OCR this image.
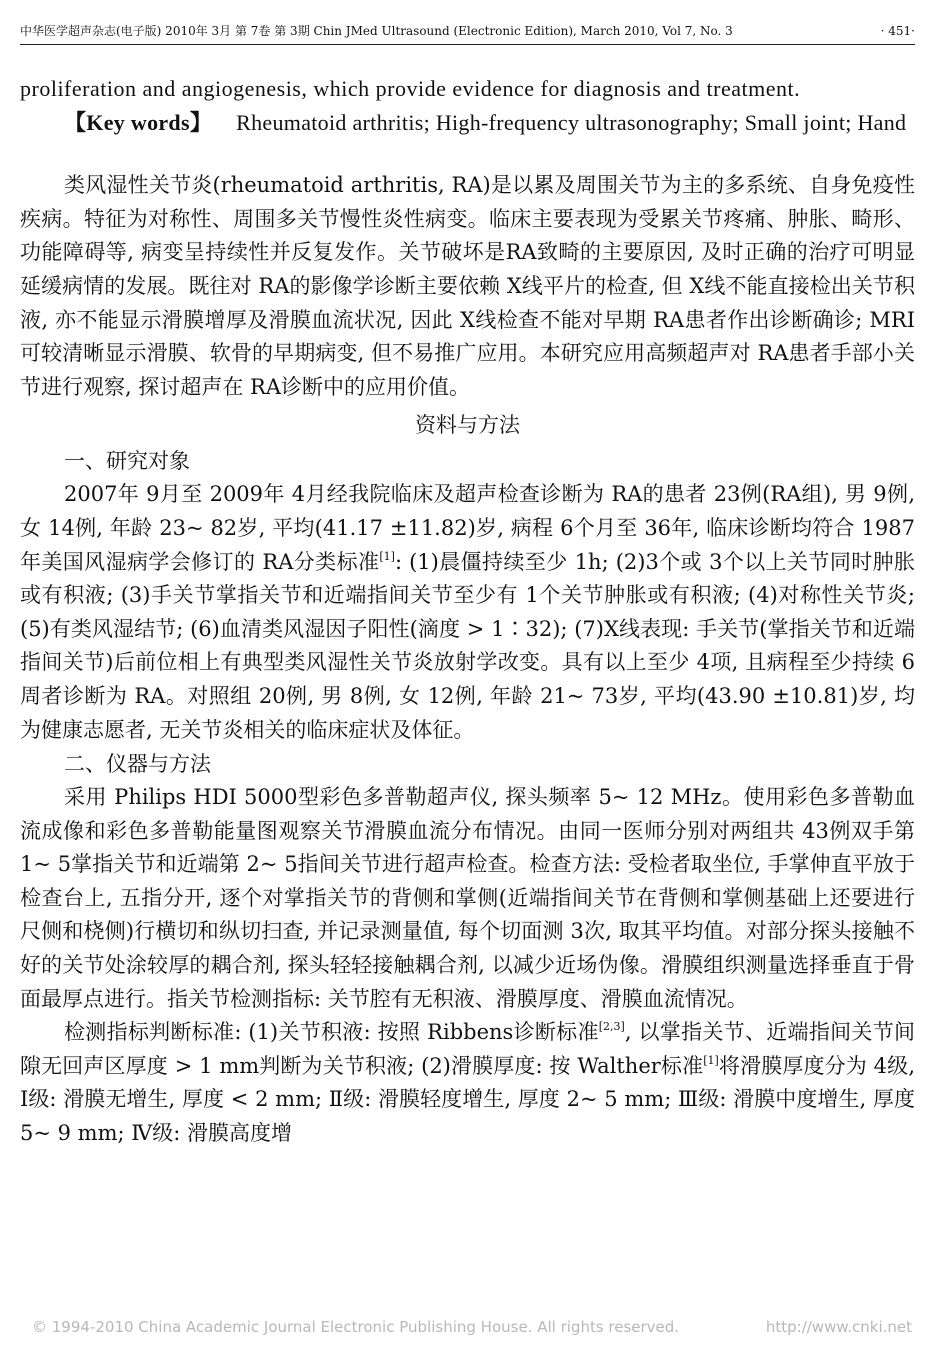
中华医学超声杂志(电子版) 2010年 3月 第 7卷 第 3期 Chin JMed Ultrasound (Electronic Edition), March 2010, Vol 7, No. 3	· 451·

proliferation and angiogenesis, which provide evidence for diagnosis and treatment.

【Key words】 Rheumatoid arthritis; High-frequency ultrasonography; Small joint; Hand

类风湿性关节炎(rheumatoid arthritis, RA)是以累及周围关节为主的多系统、自身免疫性疾病。特征为对称性、周围多关节慢性炎性病变。临床主要表现为受累关节疼痛、肿胀、畸形、功能障碍等, 病变呈持续性并反复发作。关节破坏是RA致畸的主要原因, 及时正确的治疗可明显延缓病情的发展。既往对 RA的影像学诊断主要依赖 X线平片的检查, 但 X线不能直接检出关节积液, 亦不能显示滑膜增厚及滑膜血流状况, 因此 X线检查不能对早期 RA患者作出诊断确诊; MRI可较清晰显示滑膜、软骨的早期病变, 但不易推广应用。本研究应用高频超声对 RA患者手部小关节进行观察, 探讨超声在 RA诊断中的应用价值。

资料与方法
一、研究对象

2007年 9月至 2009年 4月经我院临床及超声检查诊断为 RA的患者 23例(RA组), 男 9例, 女 14例, 年龄 23~ 82岁, 平均(41.17 ±11.82)岁, 病程 6个月至 36年, 临床诊断均符合 1987年美国风湿病学会修订的 RA分类标准[1]: (1)晨僵持续至少 1h; (2)3个或 3个以上关节同时肿胀或有积液; (3)手关节掌指关节和近端指间关节至少有 1个关节肿胀或有积液; (4)对称性关节炎; (5)有类风湿结节; (6)血清类风湿因子阳性(滴度 > 1∶32); (7)X线表现: 手关节(掌指关节和近端指间关节)后前位相上有典型类风湿性关节炎放射学改变。具有以上至少 4项, 且病程至少持续 6周者诊断为 RA。对照组 20例, 男 8例, 女 12例, 年龄 21~ 73岁, 平均(43.90 ±10.81)岁, 均为健康志愿者, 无关节炎相关的临床症状及体征。

二、仪器与方法

采用 Philips HDI 5000型彩色多普勒超声仪, 探头频率 5~ 12 MHz。使用彩色多普勒血流成像和彩色多普勒能量图观察关节滑膜血流分布情况。由同一医师分别对两组共 43例双手第 1~ 5掌指关节和近端第 2~ 5指间关节进行超声检查。检查方法: 受检者取坐位, 手掌伸直平放于检查台上, 五指分开, 逐个对掌指关节的背侧和掌侧(近端指间关节在背侧和掌侧基础上还要进行尺侧和桡侧)行横切和纵切扫查, 并记录测量值, 每个切面测 3次, 取其平均值。对部分探头接触不好的关节处涂较厚的耦合剂, 探头轻轻接触耦合剂, 以减少近场伪像。滑膜组织测量选择垂直于骨面最厚点进行。指关节检测指标: 关节腔有无积液、滑膜厚度、滑膜血流情况。

检测指标判断标准: (1)关节积液: 按照 Ribbens诊断标准[2,3], 以掌指关节、近端指间关节间隙无回声区厚度 > 1 mm判断为关节积液; (2)滑膜厚度: 按 Walther标准[1]将滑膜厚度分为 4级, Ⅰ级: 滑膜无增生, 厚度 < 2 mm; Ⅱ级: 滑膜轻度增生, 厚度 2~ 5 mm; Ⅲ级: 滑膜中度增生, 厚度 5~ 9 mm; Ⅳ级: 滑膜高度增

© 1994-2010 China Academic Journal Electronic Publishing House. All rights reserved.	http://www.cnki.net
